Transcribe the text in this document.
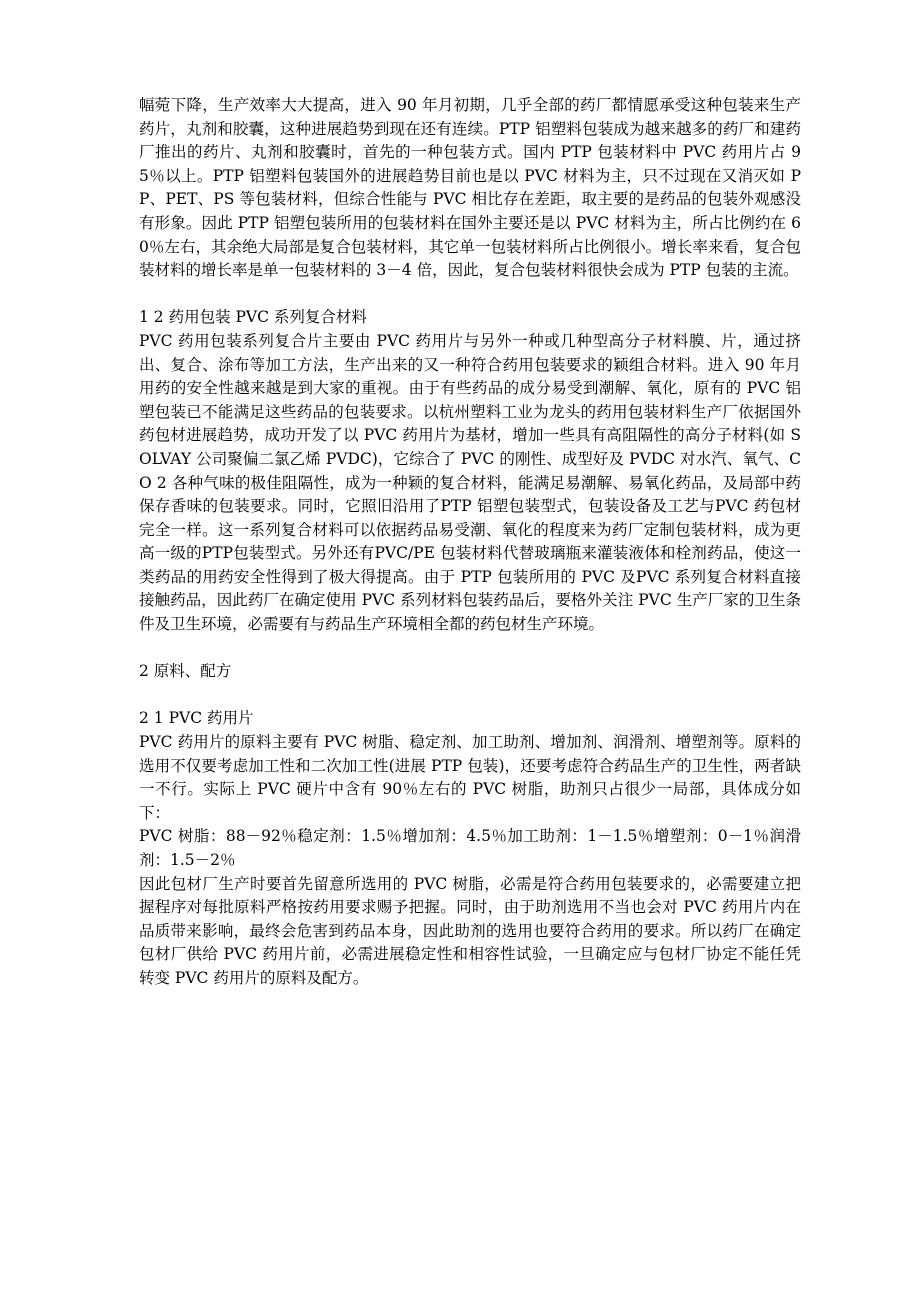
幅菀下降，生产效率大大提高，进入 90 年月初期，几乎全部的药厂都情愿承受这种包装来生产药片，丸剂和胶囊，这种进展趋势到现在还有连续。PTP 铝塑料包装成为越来越多的药厂和建药厂推出的药片、丸剂和胶囊时，首先的一种包装方式。国内 PTP 包装材料中 PVC 药用片占 95％以上。PTP 铝塑料包装国外的进展趋势目前也是以 PVC 材料为主，只不过现在又消灭如 PP、PET、PS 等包装材料，但综合性能与 PVC 相比存在差距，取主要的是药品的包装外观感没有形象。因此 PTP 铝塑包装所用的包装材料在国外主要还是以 PVC 材料为主，所占比例约在 60％左右，其余绝大局部是复合包装材料，其它单一包装材料所占比例很小。增长率来看，复合包装材料的增长率是单一包装材料的 3－4 倍，因此，复合包装材料很快会成为 PTP 包装的主流。

1 2 药用包装 PVC 系列复合材料

PVC 药用包装系列复合片主要由 PVC 药用片与另外一种或几种型高分子材料膜、片，通过挤出、复合、涂布等加工方法，生产出来的又一种符合药用包装要求的颖组合材料。进入 90 年月用药的安全性越来越是到大家的重视。由于有些药品的成分易受到潮解、氧化，原有的 PVC 铝塑包装已不能满足这些药品的包装要求。以杭州塑料工业为龙头的药用包装材料生产厂依据国外药包材进展趋势，成功开发了以 PVC 药用片为基材，增加一些具有高阻隔性的高分子材料(如 SOLVAY 公司聚偏二氯乙烯 PVDC)，它综合了 PVC 的刚性、成型好及 PVDC 对水汽、氧气、CO 2 各种气味的极佳阻隔性，成为一种颖的复合材料，能满足易潮解、易氧化药品，及局部中药保存香味的包装要求。同时，它照旧沿用了PTP 铝塑包装型式，包装设备及工艺与PVC 药包材完全一样。这一系列复合材料可以依据药品易受潮、氧化的程度来为药厂定制包装材料，成为更高一级的PTP包装型式。另外还有PVC/PE 包装材料代替玻璃瓶来灌装液体和栓剂药品，使这一类药品的用药安全性得到了极大得提高。由于 PTP 包装所用的 PVC 及PVC 系列复合材料直接接触药品，因此药厂在确定使用 PVC 系列材料包装药品后，要格外关注 PVC 生产厂家的卫生条件及卫生环境，必需要有与药品生产环境相全都的药包材生产环境。

2 原料、配方

2 1 PVC 药用片

PVC 药用片的原料主要有 PVC 树脂、稳定剂、加工助剂、增加剂、润滑剂、增塑剂等。原料的选用不仅要考虑加工性和二次加工性(进展 PTP 包装)，还要考虑符合药品生产的卫生性，两者缺一不行。实际上 PVC 硬片中含有 90％左右的 PVC 树脂，助剂只占很少一局部，具体成分如下：

PVC 树脂：88－92％稳定剂：1.5％增加剂：4.5％加工助剂：1－1.5％增塑剂：0－1％润滑剂：1.5－2％

因此包材厂生产时要首先留意所选用的 PVC 树脂，必需是符合药用包装要求的，必需要建立把握程序对每批原料严格按药用要求赐予把握。同时，由于助剂选用不当也会对 PVC 药用片内在品质带来影响，最终会危害到药品本身，因此助剂的选用也要符合药用的要求。所以药厂在确定包材厂供给 PVC 药用片前，必需进展稳定性和相容性试验，一旦确定应与包材厂协定不能任凭转变 PVC 药用片的原料及配方。
